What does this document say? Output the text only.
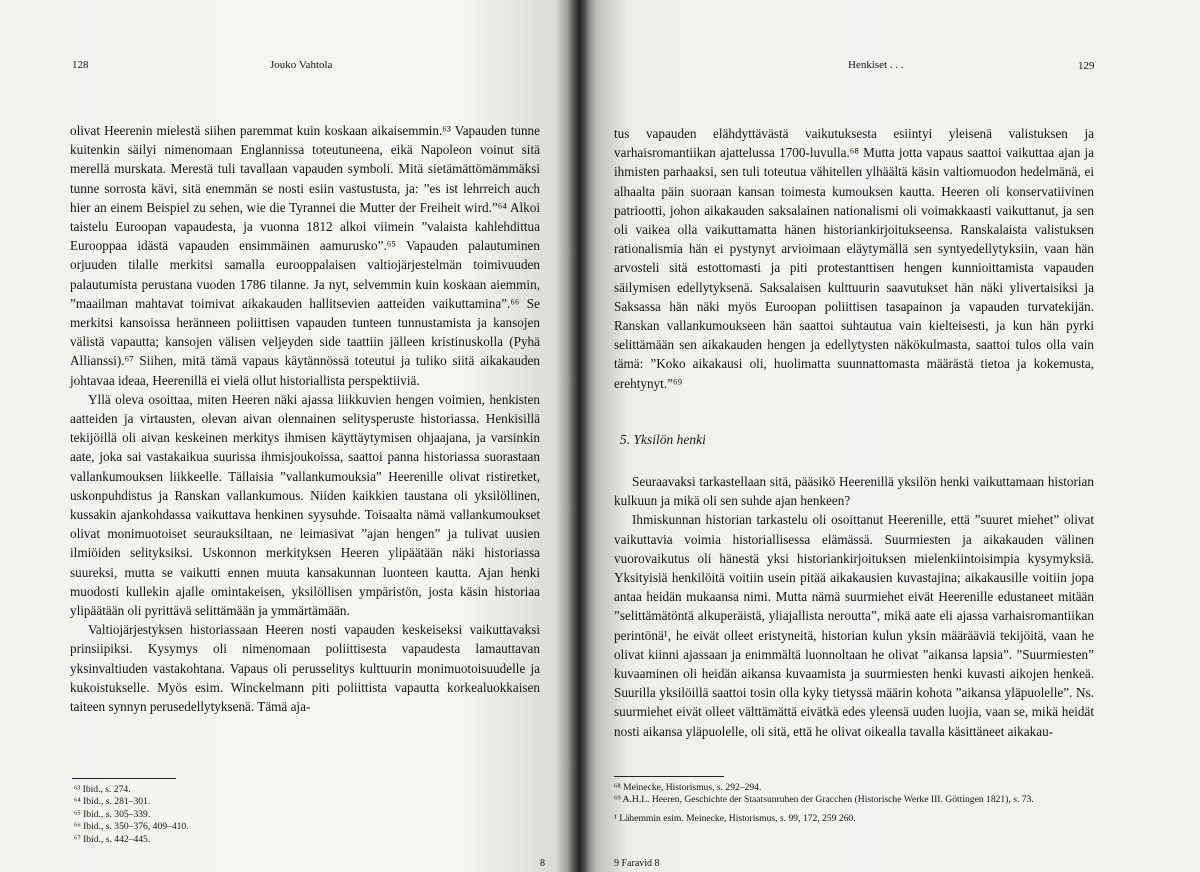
128	Jouko Vahtola

olivat Heerenin mielestä siihen paremmat kuin koskaan aikaisemmin.⁶³ Vapauden tunne kuitenkin säilyi nimenomaan Englannissa toteutuneena, eikä Napoleon voinut sitä merellä murskata. Merestä tuli tavallaan vapauden symboli. Mitä sietämättömämmäksi tunne sorrosta kävi, sitä enemmän se nosti esiin vastustusta, ja: ”es ist lehrreich auch hier an einem Beispiel zu sehen, wie die Tyrannei die Mutter der Freiheit wird.”⁶⁴ Alkoi taistelu Euroopan vapaudesta, ja vuonna 1812 alkoi viimein ”valaista kahlehdittua Eurooppaa idästä vapauden ensimmäinen aamurusko”.⁶⁵ Vapauden palautuminen orjuuden tilalle merkitsi samalla eurooppalaisen valtiojärjestelmän toimivuuden palautumista perustana vuoden 1786 tilanne. Ja nyt, selvemmin kuin koskaan aiemmin, ”maailman mahtavat toimivat aikakauden hallitsevien aatteiden vaikuttamina”.⁶⁶ Se merkitsi kansoissa heränneen poliittisen vapauden tunteen tunnustamista ja kansojen välistä vapautta; kansojen välisen veljeyden side taattiin jälleen kristinuskolla (Pyhä Allianssi).⁶⁷ Siihen, mitä tämä vapaus käytännössä toteutui ja tuliko siitä aikakauden johtavaa ideaa, Heerenillä ei vielä ollut historiallista perspektiiviä.

Yllä oleva osoittaa, miten Heeren näki ajassa liikkuvien hengen voimien, henkisten aatteiden ja virtausten, olevan aivan olennainen selitysperuste historiassa. Henkisillä tekijöillä oli aivan keskeinen merkitys ihmisen käyttäytymisen ohjaajana, ja varsinkin aate, joka sai vastakaikua suurissa ihmisjoukoissa, saattoi panna historiassa suorastaan vallankumouksen liikkeelle. Tällaisia ”vallankumouksia” Heerenille olivat ristiretket, uskonpuhdistus ja Ranskan vallankumous. Niiden kaikkien taustana oli yksilöllinen, kussakin ajankohdassa vaikuttava henkinen syysuhde. Toisaalta nämä vallankumoukset olivat monimuotoiset seurauksiltaan, ne leimasivat ”ajan hengen” ja tulivat uusien ilmiöiden selityksiksi. Uskonnon merkityksen Heeren ylipäätään näki historiassa suureksi, mutta se vaikutti ennen muuta kansakunnan luonteen kautta. Ajan henki muodosti kullekin ajalle omintakeisen, yksilöllisen ympäristön, josta käsin historiaa ylipäätään oli pyrittävä selittämään ja ymmärtämään.

Valtiojärjestyksen historiassaan Heeren nosti vapauden keskeiseksi vaikuttavaksi prinsiipiksi. Kysymys oli nimenomaan poliittisesta vapaudesta lamauttavan yksinvaltiuden vastakohtana. Vapaus oli perusselitys kulttuurin monimuotoisuudelle ja kukoistukselle. Myös esim. Winckelmann piti poliittista vapautta korkealuokkaisen taiteen synnyn perusedellytyksenä. Tämä aja-

⁶³ Ibid., s. 274.
⁶⁴ Ibid., s. 281–301.
⁶⁵ Ibid., s. 305–339.
⁶⁶ Ibid., s. 350–376, 409–410.
⁶⁷ Ibid., s. 442–445.
8
Henkiset . . .	129

tus vapauden elähdyttävästä vaikutuksesta esiintyi yleisenä valistuksen ja varhaisromantiikan ajattelussa 1700-luvulla.⁶⁸ Mutta jotta vapaus saattoi vaikuttaa ajan ja ihmisten parhaaksi, sen tuli toteutua vähitellen ylhäältä käsin valtiomuodon hedelmänä, ei alhaalta päin suoraan kansan toimesta kumouksen kautta. Heeren oli konservatiivinen patriootti, johon aikakauden saksalainen nationalismi oli voimakkaasti vaikuttanut, ja sen oli vaikea olla vaikuttamatta hänen historiankirjoitukseensa. Ranskalaista valistuksen rationalismia hän ei pystynyt arvioimaan eläytymällä sen syntyedellytyksiin, vaan hän arvosteli sitä estottomasti ja piti protestanttisen hengen kunnioittamista vapauden säilymisen edellytyksenä. Saksalaisen kulttuurin saavutukset hän näki ylivertaisiksi ja Saksassa hän näki myös Euroopan poliittisen tasapainon ja vapauden turvatekijän. Ranskan vallankumoukseen hän saattoi suhtautua vain kielteisesti, ja kun hän pyrki selittämään sen aikakauden hengen ja edellytysten näkökulmasta, saattoi tulos olla vain tämä: ”Koko aikakausi oli, huolimatta suunnattomasta määrästä tietoa ja kokemusta, erehtynyt.”⁶⁹

5. Yksilön henki

Seuraavaksi tarkastellaan sitä, pääsikö Heerenillä yksilön henki vaikuttamaan historian kulkuun ja mikä oli sen suhde ajan henkeen?

Ihmiskunnan historian tarkastelu oli osoittanut Heerenille, että ”suuret miehet” olivat vaikuttavia voimia historiallisessa elämässä. Suurmiesten ja aikakauden välinen vuorovaikutus oli hänestä yksi historiankirjoituksen mielenkiintoisimpia kysymyksiä. Yksityisiä henkilöitä voitiin usein pitää aikakausien kuvastajina; aikakausille voitiin jopa antaa heidän mukaansa nimi. Mutta nämä suurmiehet eivät Heerenille edustaneet mitään ”selittämätöntä alkuperäistä, yliajallista neroutta”, mikä aate eli ajassa varhaisromantiikan perintönä¹, he eivät olleet eristyneitä, historian kulun yksin määrääviä tekijöitä, vaan he olivat kiinni ajassaan ja enimmältä luonnoltaan he olivat ”aikansa lapsia”. ”Suurmiesten” kuvaaminen oli heidän aikansa kuvaamista ja suurmiesten henki kuvasti aikojen henkeä. Suurilla yksilöillä saattoi tosin olla kyky tietyssä määrin kohota ”aikansa yläpuolelle”. Ns. suurmiehet eivät olleet välttämättä eivätkä edes yleensä uuden luojia, vaan se, mikä heidät nosti aikansa yläpuolelle, oli sitä, että he olivat oikealla tavalla käsittäneet aikakau-

⁶⁸ Meinecke, Historismus, s. 292–294.
⁶⁹ A.H.L. Heeren, Geschichte der Staatsunruhen der Gracchen (Historische Werke III. Göttingen 1821), s. 73.
¹ Lähemmin esim. Meinecke, Historismus, s. 99, 172, 259 260.
9 Faravid 8
